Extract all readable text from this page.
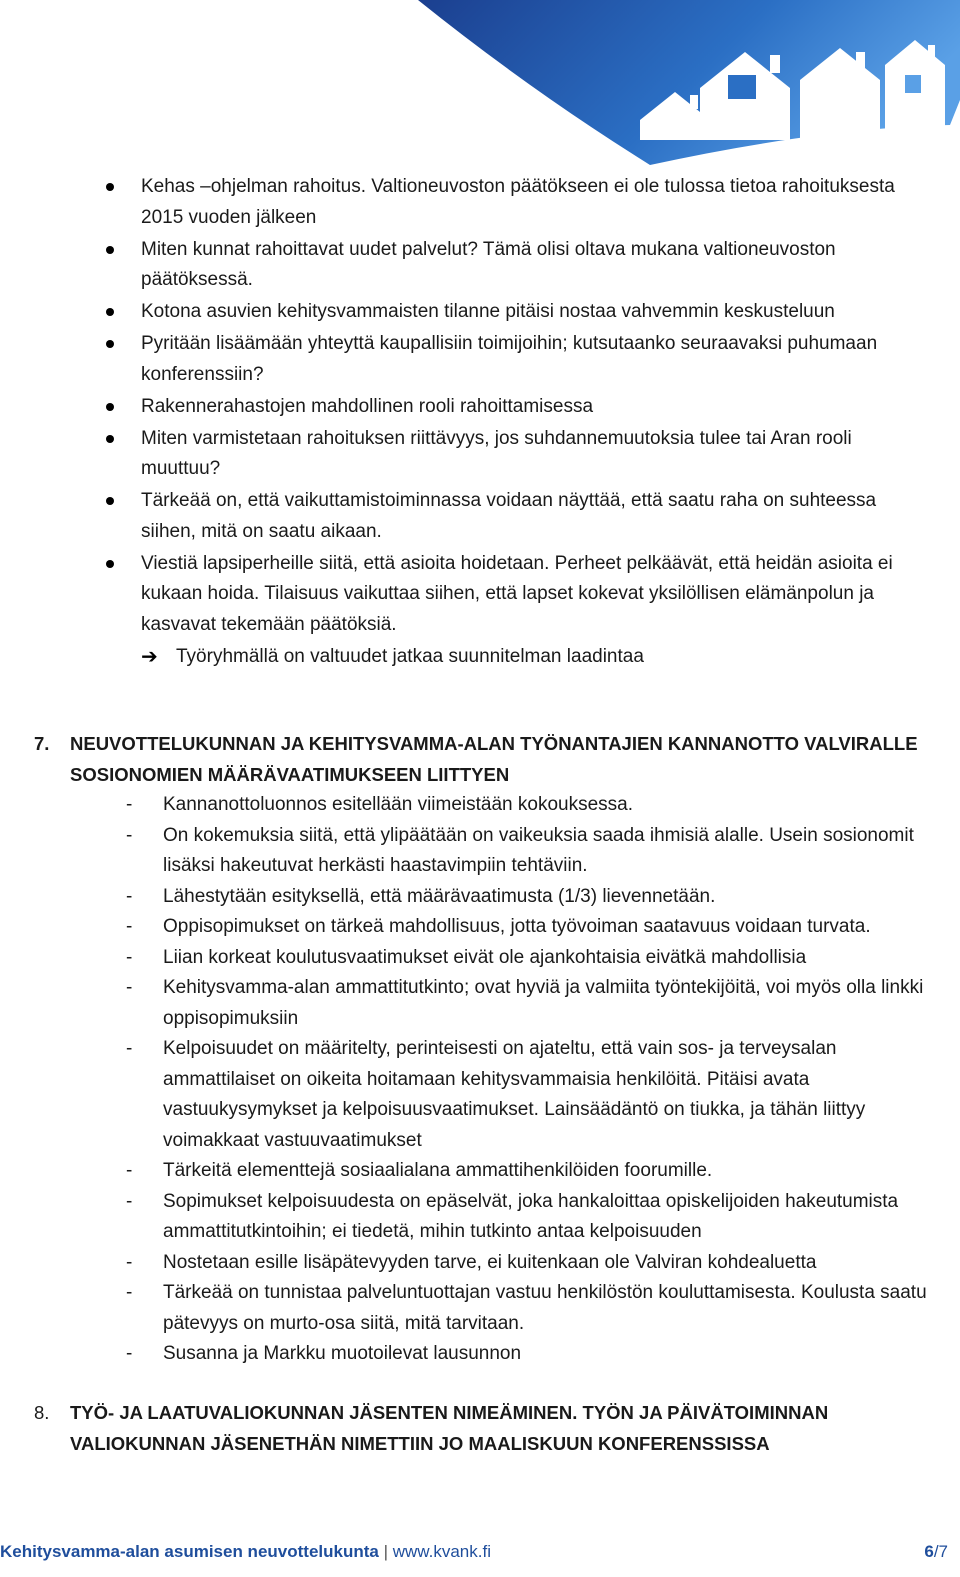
Kehas –ohjelman rahoitus. Valtioneuvoston päätökseen ei ole tulossa tietoa rahoituksesta 2015 vuoden jälkeen
Miten kunnat rahoittavat uudet palvelut? Tämä olisi oltava mukana valtioneuvoston päätöksessä.
Kotona asuvien kehitysvammaisten tilanne pitäisi nostaa vahvemmin keskusteluun
Pyritään lisäämään yhteyttä kaupallisiin toimijoihin; kutsutaanko seuraavaksi puhumaan konferenssiin?
Rakennerahastojen mahdollinen rooli rahoittamisessa
Miten varmistetaan rahoituksen riittävyys, jos suhdannemuutoksia tulee tai Aran rooli muuttuu?
Tärkeää on, että vaikuttamistoiminnassa voidaan näyttää, että saatu raha on suhteessa siihen, mitä on saatu aikaan.
Viestiä lapsiperheille siitä, että asioita hoidetaan. Perheet pelkäävät, että heidän asioita ei kukaan hoida. Tilaisuus vaikuttaa siihen, että lapset kokevat yksilöllisen elämänpolun ja kasvavat tekemään päätöksiä.
➔ Työryhmällä on valtuudet jatkaa suunnitelman laadintaa
7. NEUVOTTELUKUNNAN JA KEHITYSVAMMA-ALAN TYÖNANTAJIEN KANNANOTTO VALVIRALLE SOSIONOMIEN MÄÄRÄVAATIMUKSEEN LIITTYEN
- Kannanottoluonnos esitellään viimeistään kokouksessa.
- On kokemuksia siitä, että ylipäätään on vaikeuksia saada ihmisiä alalle. Usein sosionomit lisäksi hakeutuvat herkästi haastavimpiin tehtäviin.
- Lähestytään esityksellä, että määrävaatimusta (1/3) lievennetään.
- Oppisopimukset on tärkeä mahdollisuus, jotta työvoiman saatavuus voidaan turvata.
- Liian korkeat koulutusvaatimukset eivät ole ajankohtaisia eivätkä mahdollisia
- Kehitysvamma-alan ammattitutkinto; ovat hyviä ja valmiita työntekijöitä, voi myös olla linkki oppisopimuksiin
- Kelpoisuudet on määritelty, perinteisesti on ajateltu, että vain sos- ja terveysalan ammattilaiset on oikeita hoitamaan kehitysvammaisia henkilöitä. Pitäisi avata vastuukysymykset ja kelpoisuusvaatimukset. Lainsäädäntö on tiukka, ja tähän liittyy voimakkaat vastuuvaatimukset
- Tärkeitä elementtejä sosiaalialana ammattihenkilöiden foorumille.
- Sopimukset kelpoisuudesta on epäselvät, joka hankaloittaa opiskelijoiden hakeutumista ammattitutkintoihin; ei tiedetä, mihin tutkinto antaa kelpoisuuden
- Nostetaan esille lisäpätevyyden tarve, ei kuitenkaan ole Valviran kohdealuetta
- Tärkeää on tunnistaa palveluntuottajan vastuu henkilöstön kouluttamisesta. Koulusta saatu pätevyys on murto-osa siitä, mitä tarvitaan.
- Susanna ja Markku muotoilevat lausunnon
8. TYÖ- JA LAATUVALIOKUNNAN JÄSENTEN NIMEÄMINEN. TYÖN JA PÄIVÄTOIMINNAN VALIOKUNNAN JÄSENETHÄN NIMETTIIN JO MAALISKUUN KONFERENSSISSA
Kehitysvamma-alan asumisen neuvottelukunta | www.kvank.fi	6/7
